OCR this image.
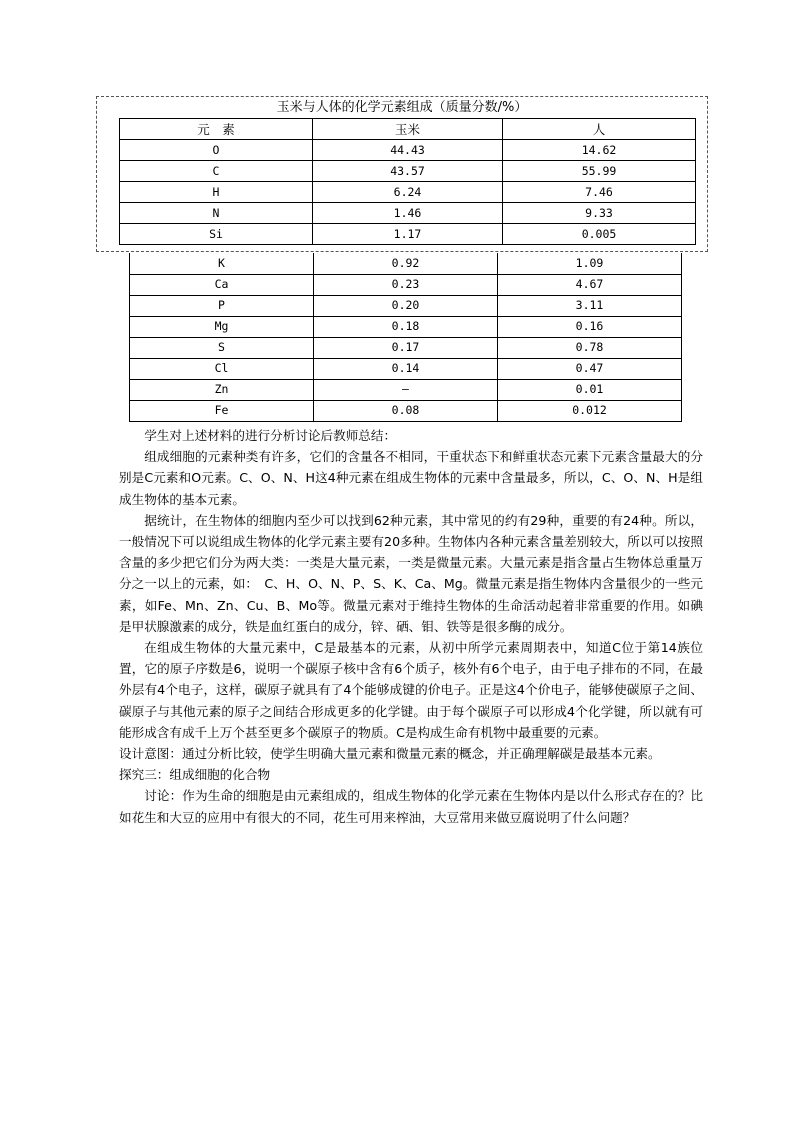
玉米与人体的化学元素组成（质量分数/%）
元　素	玉米	人
O	44.43	14.62
C	43.57	55.99
H	6.24	7.46
N	1.46	9.33
Si	1.17	0.005
K	0.92	1.09
Ca	0.23	4.67
P	0.20	3.11
Mg	0.18	0.16
S	0.17	0.78
Cl	0.14	0.47
Zn	—	0.01
Fe	0.08	0.012

学生对上述材料的进行分析讨论后教师总结：

组成细胞的元素种类有许多，它们的含量各不相同，干重状态下和鲜重状态元素下元素含量最大的分别是C元素和O元素。C、O、N、H这4种元素在组成生物体的元素中含量最多，所以，C、O、N、H是组成生物体的基本元素。

据统计，在生物体的细胞内至少可以找到62种元素，其中常见的约有29种，重要的有24种。所以，一般情况下可以说组成生物体的化学元素主要有20多种。生物体内各种元素含量差别较大，所以可以按照含量的多少把它们分为两大类：一类是大量元素，一类是微量元素。大量元素是指含量占生物体总重量万分之一以上的元素，如：　C、H、O、N、P、S、K、Ca、Mg。微量元素是指生物体内含量很少的一些元素，如Fe、Mn、Zn、Cu、B、Mo等。微量元素对于维持生物体的生命活动起着非常重要的作用。如碘是甲状腺激素的成分，铁是血红蛋白的成分，锌、硒、钼、铁等是很多酶的成分。

在组成生物体的大量元素中，C是最基本的元素，从初中所学元素周期表中，知道C位于第14族位置，它的原子序数是6，说明一个碳原子核中含有6个质子，核外有6个电子，由于电子排布的不同，在最外层有4个电子，这样，碳原子就具有了4个能够成键的价电子。正是这4个价电子，能够使碳原子之间、碳原子与其他元素的原子之间结合形成更多的化学键。由于每个碳原子可以形成4个化学键，所以就有可能形成含有成千上万个甚至更多个碳原子的物质。C是构成生命有机物中最重要的元素。

设计意图：通过分析比较，使学生明确大量元素和微量元素的概念，并正确理解碳是最基本元素。

探究三：组成细胞的化合物

讨论：作为生命的细胞是由元素组成的，组成生物体的化学元素在生物体内是以什么形式存在的？比如花生和大豆的应用中有很大的不同，花生可用来榨油，大豆常用来做豆腐说明了什么问题？
